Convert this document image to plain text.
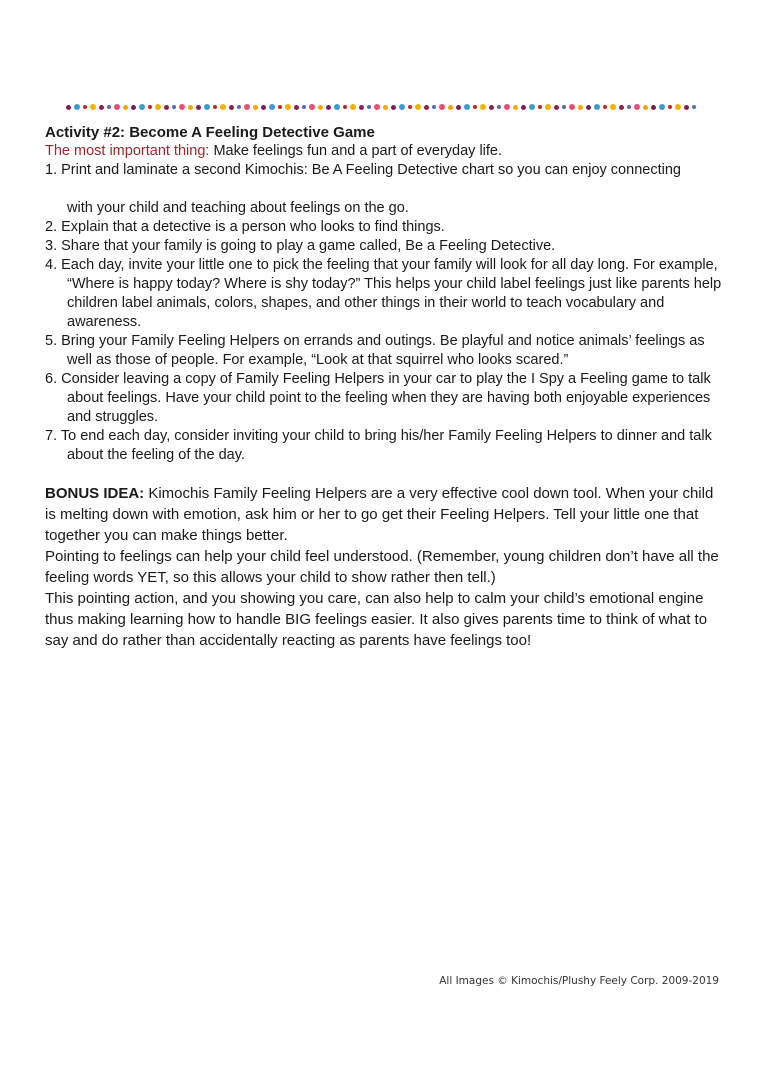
Activity #2: Become A Feeling Detective Game

The most important thing: Make feelings fun and a part of everyday life.

1. Print and laminate a second Kimochis: Be A Feeling Detective chart so you can enjoy connecting

with your child and teaching about feelings on the go.

2. Explain that a detective is a person who looks to find things.

3. Share that your family is going to play a game called, Be a Feeling Detective.

4. Each day, invite your little one to pick the feeling that your family will look for all day long. For example, “Where is happy today? Where is shy today?” This helps your child label feelings just like parents help children label animals, colors, shapes, and other things in their world to teach vocabulary and awareness.

5. Bring your Family Feeling Helpers on errands and outings. Be playful and notice animals’ feelings as well as those of people. For example, “Look at that squirrel who looks scared.”

6. Consider leaving a copy of Family Feeling Helpers in your car to play the I Spy a Feeling game to talk about feelings. Have your child point to the feeling when they are having both enjoyable experiences and struggles.

7. To end each day, consider inviting your child to bring his/her Family Feeling Helpers to dinner and talk about the feeling of the day.

BONUS IDEA: Kimochis Family Feeling Helpers are a very effective cool down tool. When your child is melting down with emotion, ask him or her to go get their Feeling Helpers. Tell your little one that together you can make things better.

Pointing to feelings can help your child feel understood. (Remember, young children don’t have all the feeling words YET, so this allows your child to show rather then tell.)

This pointing action, and you showing you care, can also help to calm your child’s emotional engine thus making learning how to handle BIG feelings easier. It also gives parents time to think of what to say and do rather than accidentally reacting as parents have feelings too!

All Images © Kimochis/Plushy Feely Corp. 2009-2019
